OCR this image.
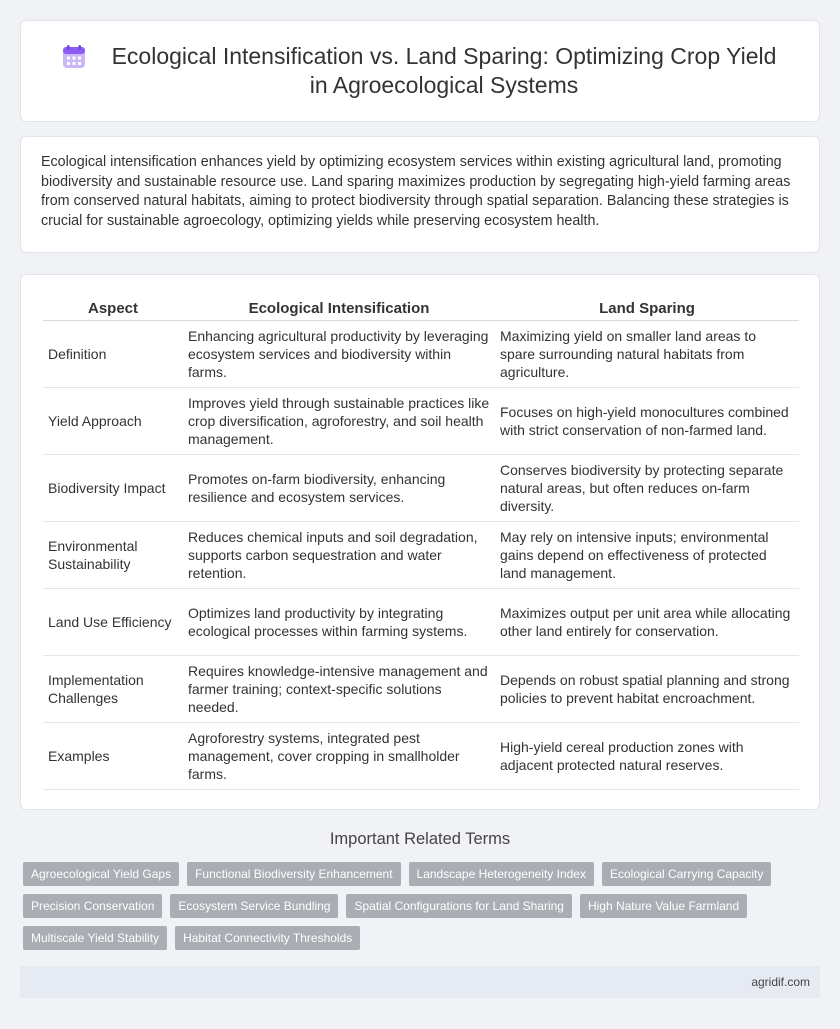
Ecological Intensification vs. Land Sparing: Optimizing Crop Yield in Agroecological Systems

Ecological intensification enhances yield by optimizing ecosystem services within existing agricultural land, promoting biodiversity and sustainable resource use. Land sparing maximizes production by segregating high-yield farming areas from conserved natural habitats, aiming to protect biodiversity through spatial separation. Balancing these strategies is crucial for sustainable agroecology, optimizing yields while preserving ecosystem health.

Aspect	Ecological Intensification	Land Sparing
Definition	Enhancing agricultural productivity by leveraging ecosystem services and biodiversity within farms.	Maximizing yield on smaller land areas to spare surrounding natural habitats from agriculture.
Yield Approach	Improves yield through sustainable practices like crop diversification, agroforestry, and soil health management.	Focuses on high-yield monocultures combined with strict conservation of non-farmed land.
Biodiversity Impact	Promotes on-farm biodiversity, enhancing resilience and ecosystem services.	Conserves biodiversity by protecting separate natural areas, but often reduces on-farm diversity.
Environmental Sustainability	Reduces chemical inputs and soil degradation, supports carbon sequestration and water retention.	May rely on intensive inputs; environmental gains depend on effectiveness of protected land management.
Land Use Efficiency	Optimizes land productivity by integrating ecological processes within farming systems.	Maximizes output per unit area while allocating other land entirely for conservation.
Implementation Challenges	Requires knowledge-intensive management and farmer training; context-specific solutions needed.	Depends on robust spatial planning and strong policies to prevent habitat encroachment.
Examples	Agroforestry systems, integrated pest management, cover cropping in smallholder farms.	High-yield cereal production zones with adjacent protected natural reserves.
Important Related Terms
Agroecological Yield Gaps	Functional Biodiversity Enhancement	Landscape Heterogeneity Index	Ecological Carrying Capacity
Precision Conservation	Ecosystem Service Bundling	Spatial Configurations for Land Sharing	High Nature Value Farmland
Multiscale Yield Stability	Habitat Connectivity Thresholds
agridif.com
